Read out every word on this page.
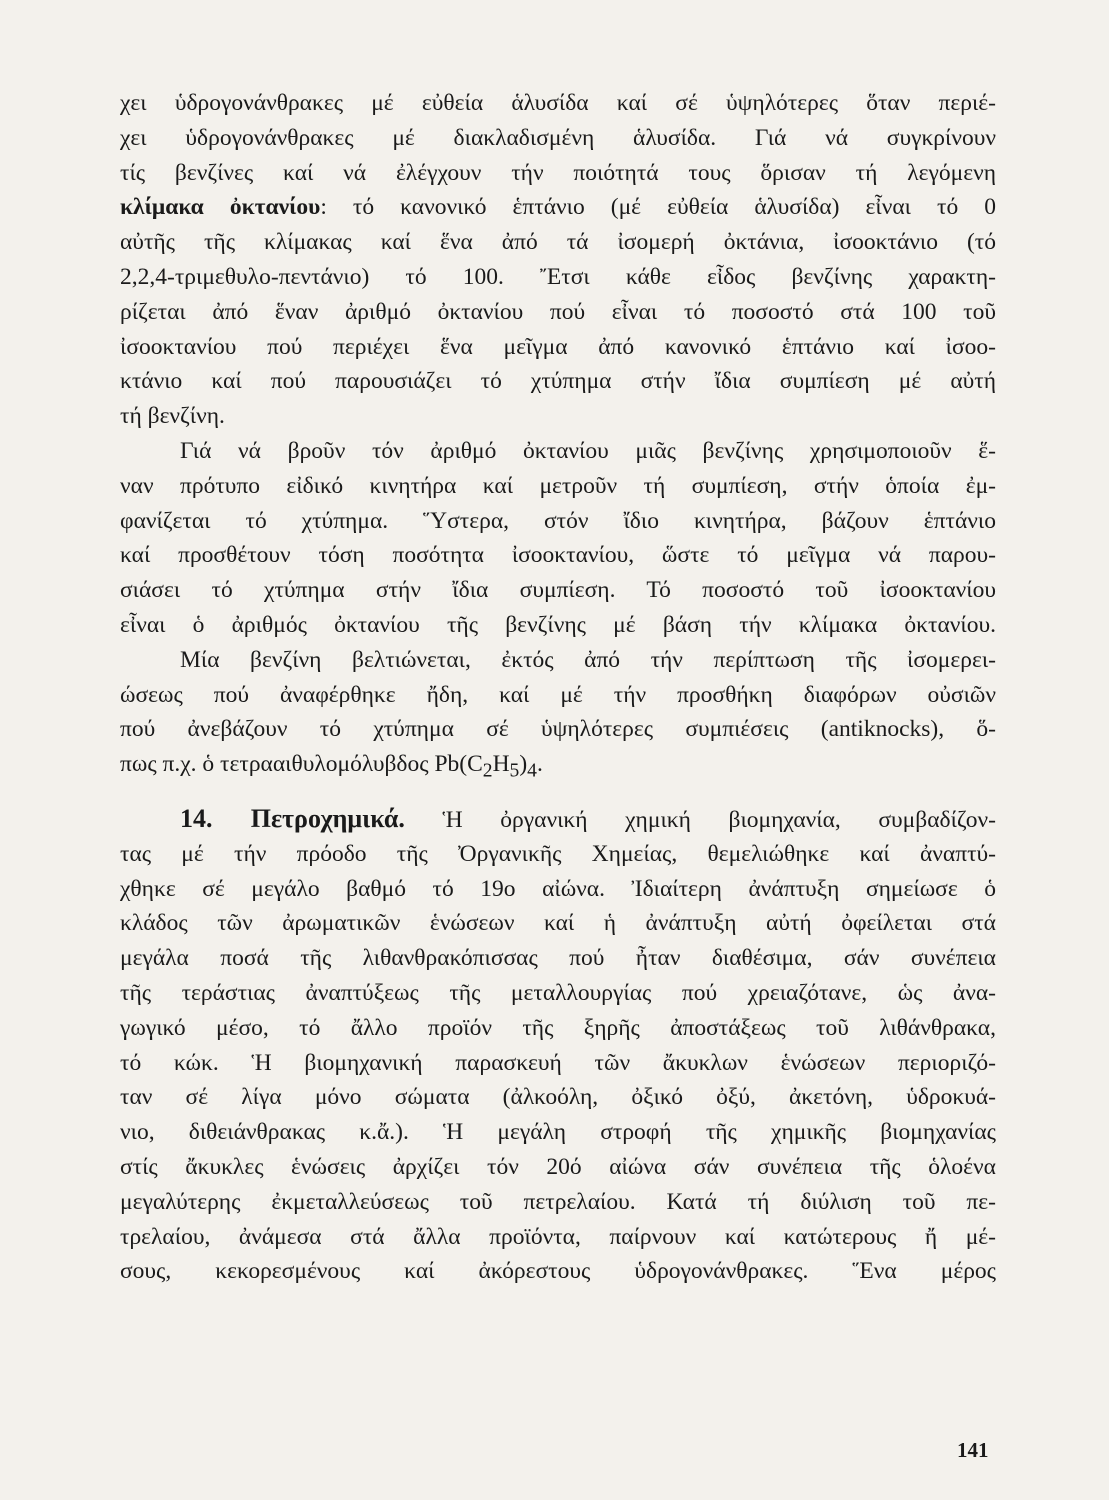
χει ὑδρογονάνθρακες μέ εὐθεία ἁλυσίδα καί σέ ὑψηλότερες ὅταν περιέ-
χει ὑδρογονάνθρακες μέ διακλαδισμένη ἁλυσίδα. Γιά νά συγκρίνουν
τίς βενζίνες καί νά ἐλέγχουν τήν ποιότητά τους ὅρισαν τή λεγόμενη
κλίμακα ὀκτανίου: τό κανονικό ἑπτάνιο (μέ εὐθεία ἁλυσίδα) εἶναι τό 0
αὐτῆς τῆς κλίμακας καί ἕνα ἀπό τά ἰσομερή ὀκτάνια, ἰσοοκτάνιο (τό
2,2,4-τριμεθυλο-πεντάνιο) τό 100. Ἔτσι κάθε εἶδος βενζίνης χαρακτη-
ρίζεται ἀπό ἕναν ἀριθμό ὀκτανίου πού εἶναι τό ποσοστό στά 100 τοῦ
ἰσοοκτανίου πού περιέχει ἕνα μεῖγμα ἀπό κανονικό ἑπτάνιο καί ἰσοο-
κτάνιο καί πού παρουσιάζει τό χτύπημα στήν ἴδια συμπίεση μέ αὐτή
τή βενζίνη.
Γιά νά βροῦν τόν ἀριθμό ὀκτανίου μιᾶς βενζίνης χρησιμοποιοῦν ἕ-
ναν πρότυπο εἰδικό κινητήρα καί μετροῦν τή συμπίεση, στήν ὁποία ἐμ-
φανίζεται τό χτύπημα. Ὕστερα, στόν ἴδιο κινητήρα, βάζουν ἑπτάνιο
καί προσθέτουν τόση ποσότητα ἰσοοκτανίου, ὥστε τό μεῖγμα νά παρου-
σιάσει τό χτύπημα στήν ἴδια συμπίεση. Τό ποσοστό τοῦ ἰσοοκτανίου
εἶναι ὁ ἀριθμός ὀκτανίου τῆς βενζίνης μέ βάση τήν κλίμακα ὀκτανίου.
Μία βενζίνη βελτιώνεται, ἐκτός ἀπό τήν περίπτωση τῆς ἰσομερει-
ώσεως πού ἀναφέρθηκε ἤδη, καί μέ τήν προσθήκη διαφόρων οὐσιῶν
πού ἀνεβάζουν τό χτύπημα σέ ὑψηλότερες συμπιέσεις (antiknocks), ὅ-
πως π.χ. ὁ τετρααιθυλομόλυβδος $Pb(C_2H_5)_4$.
14. Πετροχημικά. Ἡ ὀργανική χημική βιομηχανία, συμβαδίζον-
τας μέ τήν πρόοδο τῆς Ὀργανικῆς Χημείας, θεμελιώθηκε καί ἀναπτύ-
χθηκε σέ μεγάλο βαθμό τό 19ο αἰώνα. Ἰδιαίτερη ἀνάπτυξη σημείωσε ὁ
κλάδος τῶν ἀρωματικῶν ἑνώσεων καί ἡ ἀνάπτυξη αὐτή ὀφείλεται στά
μεγάλα ποσά τῆς λιθανθρακόπισσας πού ἦταν διαθέσιμα, σάν συνέπεια
τῆς τεράστιας ἀναπτύξεως τῆς μεταλλουργίας πού χρειαζότανε, ὡς ἀνα-
γωγικό μέσο, τό ἄλλο προϊόν τῆς ξηρῆς ἀποστάξεως τοῦ λιθάνθρακα,
τό κώκ. Ἡ βιομηχανική παρασκευή τῶν ἄκυκλων ἑνώσεων περιοριζό-
ταν σέ λίγα μόνο σώματα (ἀλκοόλη, ὀξικό ὀξύ, ἀκετόνη, ὑδροκυά-
νιο, διθειάνθρακας κ.ἄ.). Ἡ μεγάλη στροφή τῆς χημικῆς βιομηχανίας
στίς ἄκυκλες ἑνώσεις ἀρχίζει τόν 20ό αἰώνα σάν συνέπεια τῆς ὁλοένα
μεγαλύτερης ἐκμεταλλεύσεως τοῦ πετρελαίου. Κατά τή διύλιση τοῦ πε-
τρελαίου, ἀνάμεσα στά ἄλλα προϊόντα, παίρνουν καί κατώτερους ἤ μέ-
σους, κεκορεσμένους καί ἀκόρεστους ὑδρογονάνθρακες. Ἕνα μέρος
141
